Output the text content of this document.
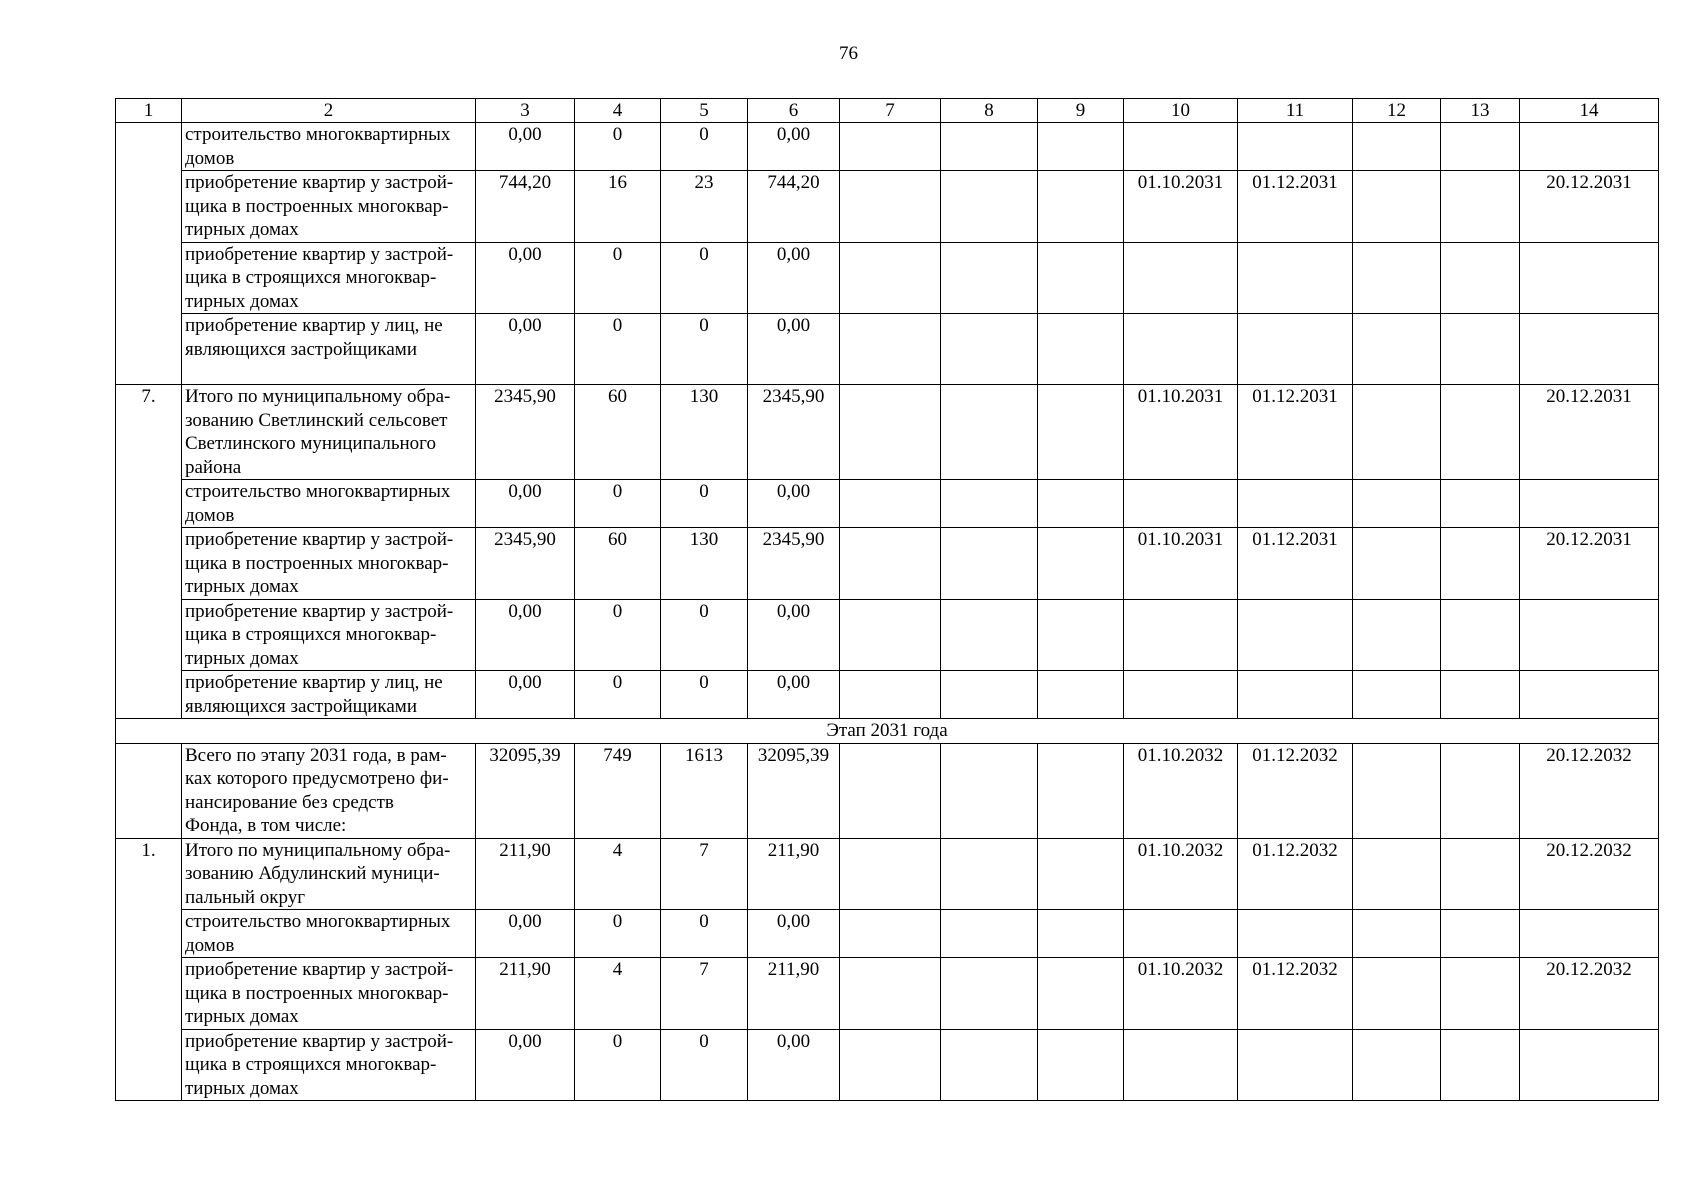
76
1	2	3	4	5	6	7	8	9	10	11	12	13	14	

	строительство многоквартирных
домов	0,00	0	0	0,00									

	приобретение квартир у застрой-
щика в построенных многоквар-
тирных домах	744,20	16	23	744,20				01.10.2031	01.12.2031			20.12.2031	

	приобретение квартир у застрой-
щика в строящихся многоквар-
тирных домах	0,00	0	0	0,00									

	приобретение квартир у лиц, не
являющихся застройщиками	0,00	0	0	0,00									
7.	Итого по муниципальному обра-
зованию Светлинский сельсовет
Светлинского муниципального
района	2345,90	60	130	2345,90				01.10.2031	01.12.2031			20.12.2031	

	строительство многоквартирных
домов	0,00	0	0	0,00									

	приобретение квартир у застрой-
щика в построенных многоквар-
тирных домах	2345,90	60	130	2345,90				01.10.2031	01.12.2031			20.12.2031	

	приобретение квартир у застрой-
щика в строящихся многоквар-
тирных домах	0,00	0	0	0,00									

	приобретение квартир у лиц, не
являющихся застройщиками	0,00	0	0	0,00									
Этап 2031 года														

	Всего по этапу 2031 года, в рам-
ках которого предусмотрено фи-
нансирование без средств
Фонда, в том числе:	32095,39	749	1613	32095,39				01.10.2032	01.12.2032			20.12.2032	
1.	Итого по муниципальному обра-
зованию Абдулинский муници-
пальный округ	211,90	4	7	211,90				01.10.2032	01.12.2032			20.12.2032	

	строительство многоквартирных
домов	0,00	0	0	0,00									

	приобретение квартир у застрой-
щика в построенных многоквар-
тирных домах	211,90	4	7	211,90				01.10.2032	01.12.2032			20.12.2032	

	приобретение квартир у застрой-
щика в строящихся многоквар-
тирных домах	0,00	0	0	0,00									
